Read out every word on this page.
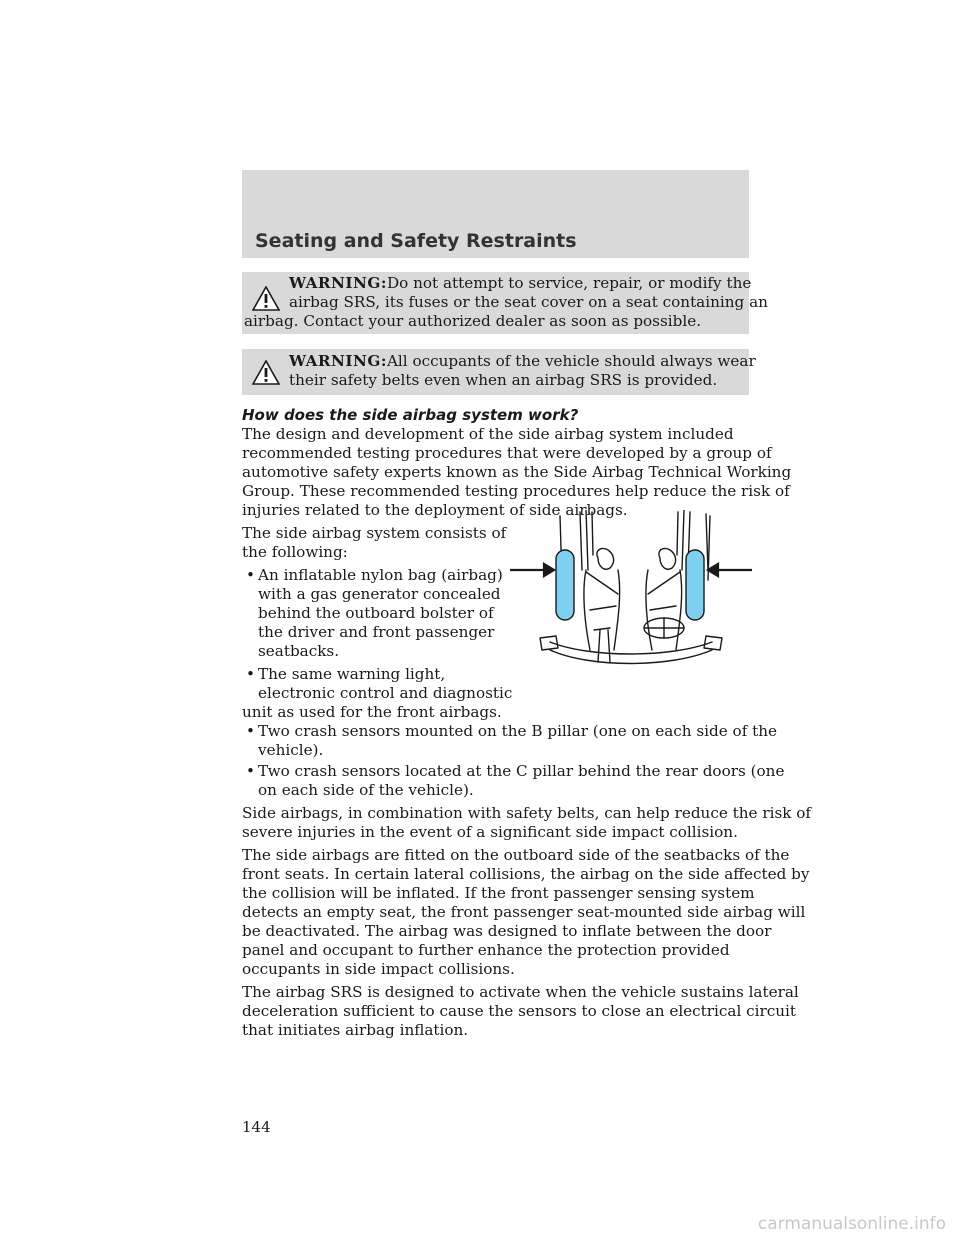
Seating and Safety Restraints
WARNING:Do not attempt to service, repair, or modify the
airbag SRS, its fuses or the seat cover on a seat containing an
airbag. Contact your authorized dealer as soon as possible.
WARNING:All occupants of the vehicle should always wear
their safety belts even when an airbag SRS is provided.
How does the side airbag system work?
The design and development of the side airbag system included
recommended testing procedures that were developed by a group of
automotive safety experts known as the Side Airbag Technical Working
Group. These recommended testing procedures help reduce the risk of
injuries related to the deployment of side airbags.
The side airbag system consists of
the following:
• An inflatable nylon bag (airbag)
with a gas generator concealed
behind the outboard bolster of
the driver and front passenger
seatbacks.
• The same warning light,
electronic control and diagnostic
unit as used for the front airbags.
• Two crash sensors mounted on the B pillar (one on each side of the
vehicle).
• Two crash sensors located at the C pillar behind the rear doors (one
on each side of the vehicle).
Side airbags, in combination with safety belts, can help reduce the risk of
severe injuries in the event of a significant side impact collision.
The side airbags are fitted on the outboard side of the seatbacks of the
front seats. In certain lateral collisions, the airbag on the side affected by
the collision will be inflated. If the front passenger sensing system
detects an empty seat, the front passenger seat-mounted side airbag will
be deactivated. The airbag was designed to inflate between the door
panel and occupant to further enhance the protection provided
occupants in side impact collisions.
The airbag SRS is designed to activate when the vehicle sustains lateral
deceleration sufficient to cause the sensors to close an electrical circuit
that initiates airbag inflation.
144
carmanualsonline.info
